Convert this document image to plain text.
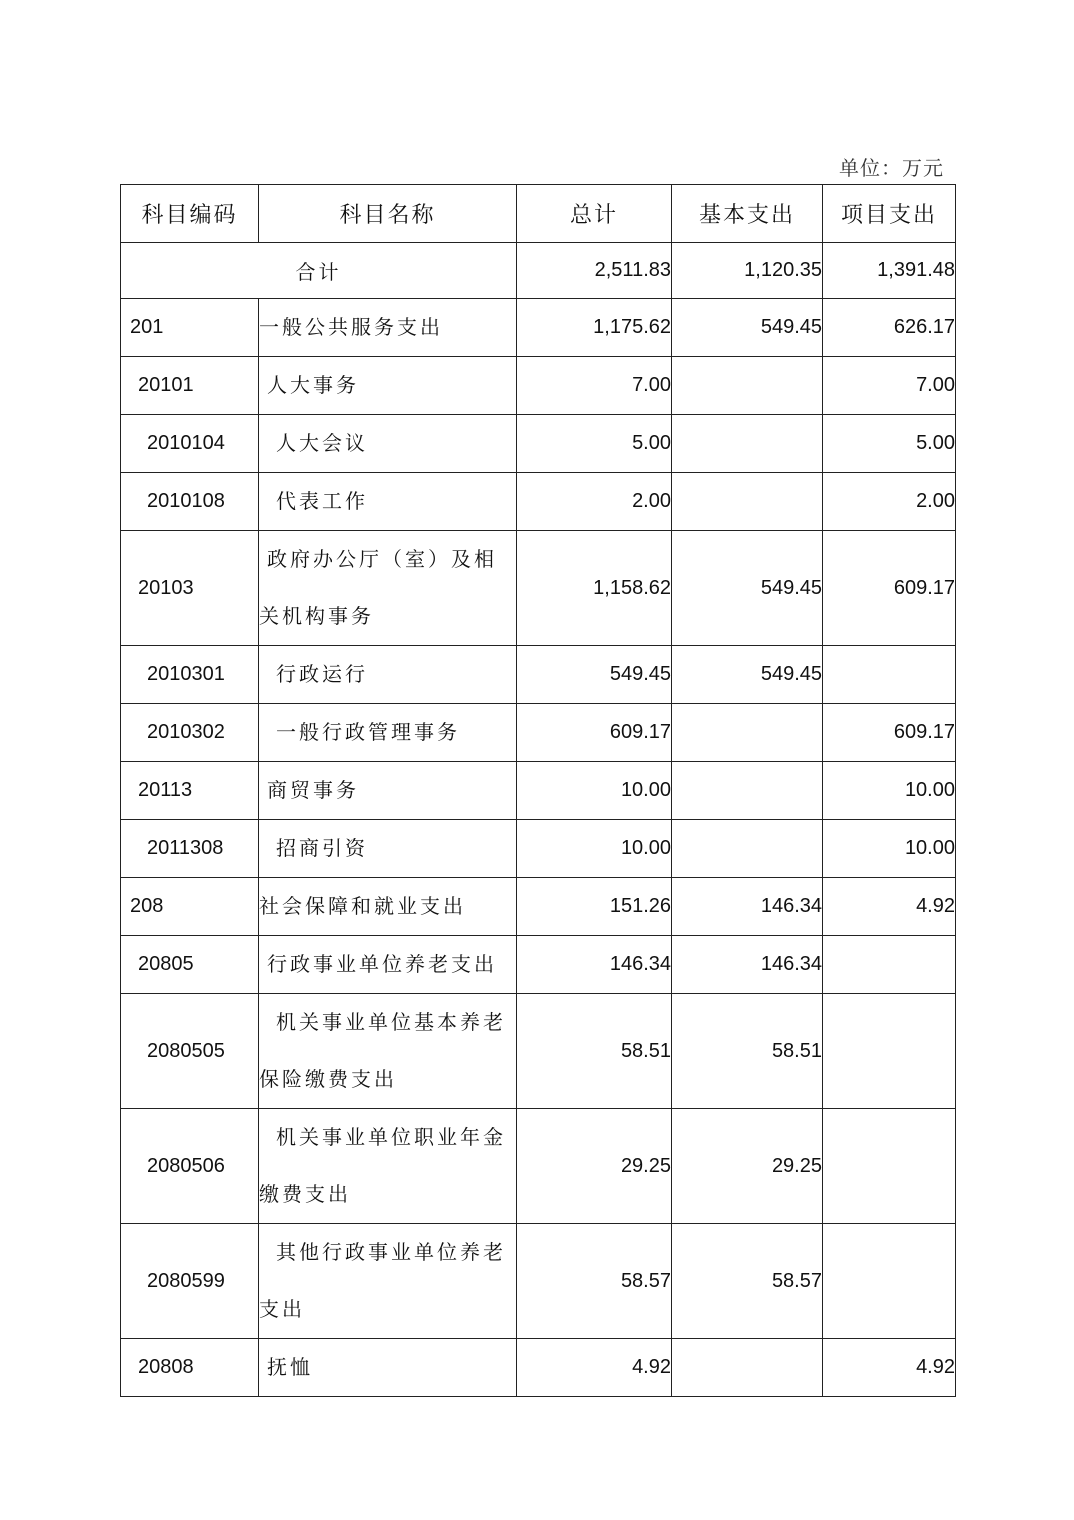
单位：万元
科目编码	科目名称	总计	基本支出	项目支出
合计		2,511.83	1,120.35	1,391.48
201	一般公共服务支出	1,175.62	549.45	626.17
20101	人大事务	7.00		7.00
2010104	人大会议	5.00		5.00
2010108	代表工作	2.00		2.00
20103	政府办公厅（室）及相关机构事务	1,158.62	549.45	609.17
2010301	行政运行	549.45	549.45	
2010302	一般行政管理事务	609.17		609.17
20113	商贸事务	10.00		10.00
2011308	招商引资	10.00		10.00
208	社会保障和就业支出	151.26	146.34	4.92
20805	行政事业单位养老支出	146.34	146.34	
2080505	机关事业单位基本养老保险缴费支出	58.51	58.51	
2080506	机关事业单位职业年金缴费支出	29.25	29.25	
2080599	其他行政事业单位养老支出	58.57	58.57	
20808	抚恤	4.92		4.92
